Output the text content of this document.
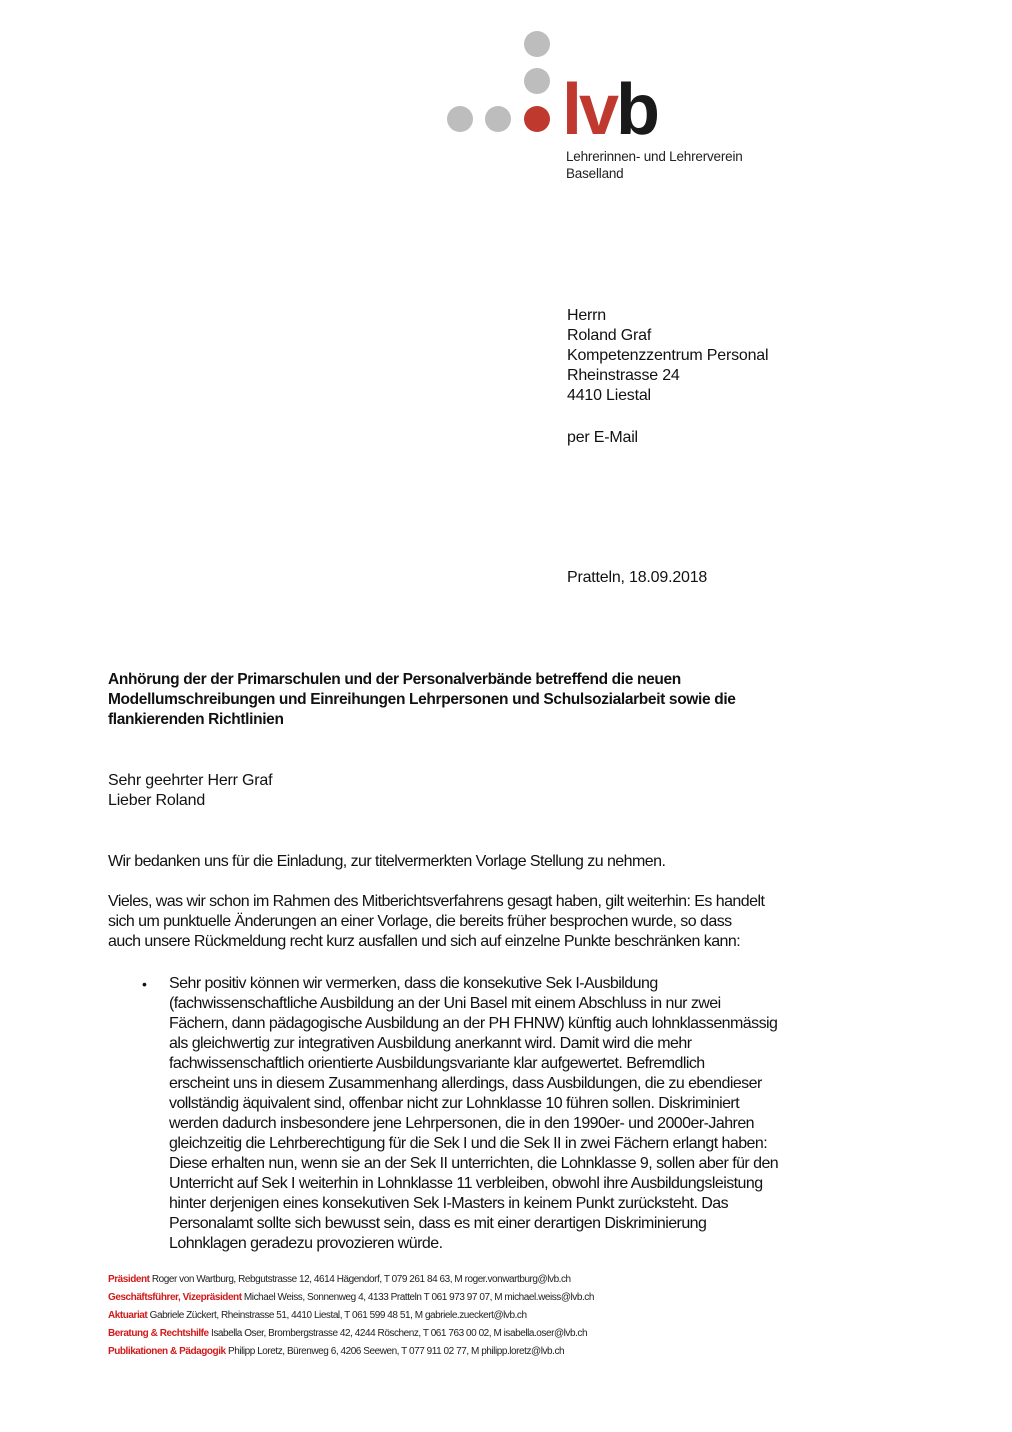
lvb
Lehrerinnen- und Lehrerverein
Baselland
Herrn
Roland Graf
Kompetenzzentrum Personal
Rheinstrasse 24
4410 Liestal
per E-Mail
Pratteln, 18.09.2018
Anhörung der der Primarschulen und der Personalverbände betreffend die neuen
Modellumschreibungen und Einreihungen Lehrpersonen und Schulsozialarbeit sowie die
flankierenden Richtlinien
Sehr geehrter Herr Graf
Lieber Roland
Wir bedanken uns für die Einladung, zur titelvermerkten Vorlage Stellung zu nehmen.
Vieles, was wir schon im Rahmen des Mitberichtsverfahrens gesagt haben, gilt weiterhin: Es handelt
sich um punktuelle Änderungen an einer Vorlage, die bereits früher besprochen wurde, so dass
auch unsere Rückmeldung recht kurz ausfallen und sich auf einzelne Punkte beschränken kann:
• Sehr positiv können wir vermerken, dass die konsekutive Sek I-Ausbildung
(fachwissenschaftliche Ausbildung an der Uni Basel mit einem Abschluss in nur zwei
Fächern, dann pädagogische Ausbildung an der PH FHNW) künftig auch lohnklassenmässig
als gleichwertig zur integrativen Ausbildung anerkannt wird. Damit wird die mehr
fachwissenschaftlich orientierte Ausbildungsvariante klar aufgewertet. Befremdlich
erscheint uns in diesem Zusammenhang allerdings, dass Ausbildungen, die zu ebendieser
vollständig äquivalent sind, offenbar nicht zur Lohnklasse 10 führen sollen. Diskriminiert
werden dadurch insbesondere jene Lehrpersonen, die in den 1990er- und 2000er-Jahren
gleichzeitig die Lehrberechtigung für die Sek I und die Sek II in zwei Fächern erlangt haben:
Diese erhalten nun, wenn sie an der Sek II unterrichten, die Lohnklasse 9, sollen aber für den
Unterricht auf Sek I weiterhin in Lohnklasse 11 verbleiben, obwohl ihre Ausbildungsleistung
hinter derjenigen eines konsekutiven Sek I-Masters in keinem Punkt zurücksteht. Das
Personalamt sollte sich bewusst sein, dass es mit einer derartigen Diskriminierung
Lohnklagen geradezu provozieren würde.
Präsident Roger von Wartburg, Rebgutstrasse 12, 4614 Hägendorf, T 079 261 84 63, M roger.vonwartburg@lvb.ch
Geschäftsführer, Vizepräsident Michael Weiss, Sonnenweg 4, 4133 Pratteln T 061 973 97 07, M michael.weiss@lvb.ch
Aktuariat Gabriele Zückert, Rheinstrasse 51, 4410 Liestal, T 061 599 48 51, M gabriele.zueckert@lvb.ch
Beratung & Rechtshilfe Isabella Oser, Brombergstrasse 42, 4244 Röschenz, T 061 763 00 02, M isabella.oser@lvb.ch
Publikationen & Pädagogik Philipp Loretz, Bürenweg 6, 4206 Seewen, T 077 911 02 77, M philipp.loretz@lvb.ch
